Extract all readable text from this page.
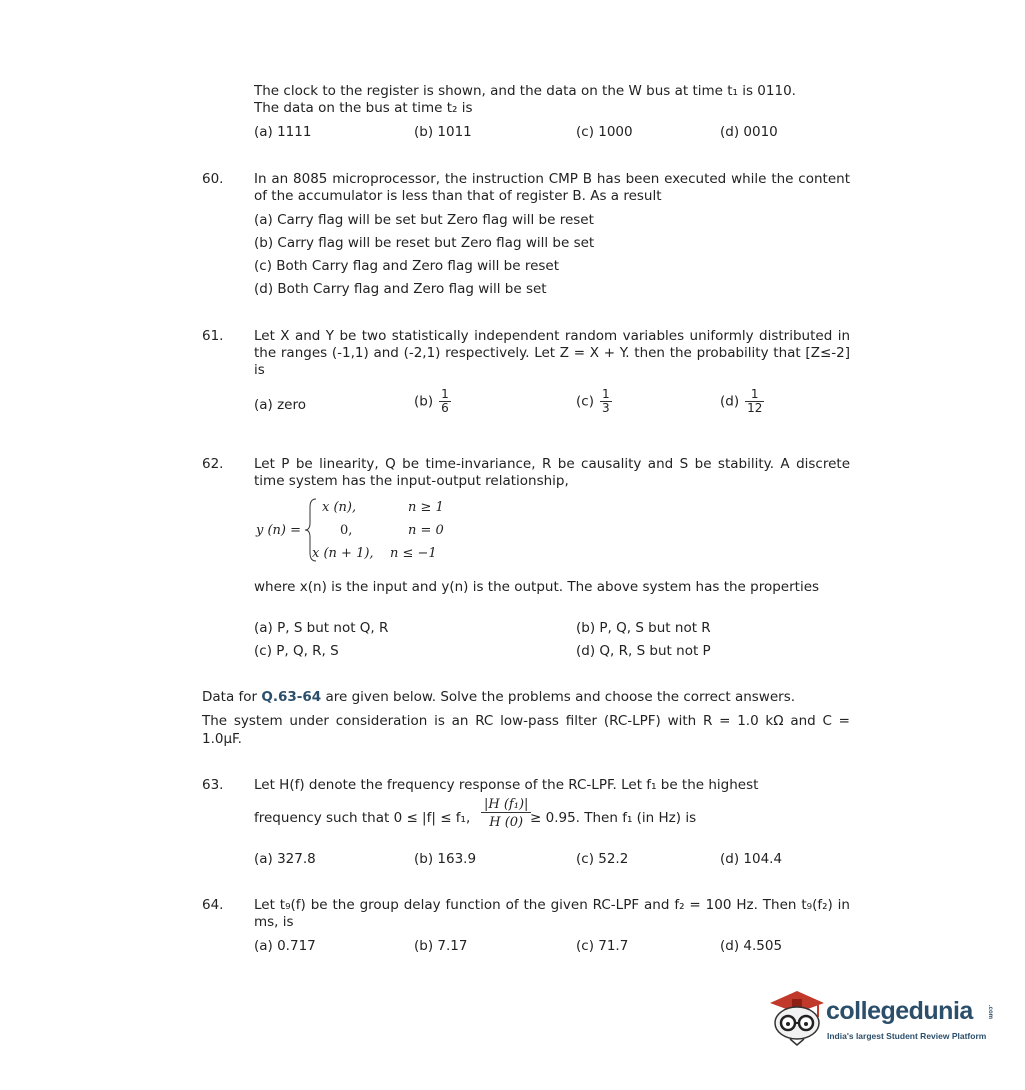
The clock to the register is shown, and the data on the W bus at time t₁ is 0110.
The data on the bus at time t₂ is
(a) 1111	(b) 1011	(c) 1000	(d) 0010
60. In an 8085 microprocessor, the instruction CMP B has been executed while the content of the accumulator is less than that of register B. As a result
(a) Carry flag will be set but Zero flag will be reset
(b) Carry flag will be reset but Zero flag will be set
(c) Both Carry flag and Zero flag will be reset
(d) Both Carry flag and Zero flag will be set
61. Let X and Y be two statistically independent random variables uniformly distributed in the ranges (-1,1) and (-2,1) respectively. Let Z = X + Y. then the probability that [Z≤-2] is
(a) zero	$(b) \frac{1}{6}$	$(c) \frac{1}{3}$	$(d) \frac{1}{12}$
62. Let P be linearity, Q be time-invariance, R be causality and S be stability. A discrete time system has the input-output relationship,
y (n) =
x (n),	n ≥ 1
0,	n = 0
x (n + 1), n ≤ −1
where x(n) is the input and y(n) is the output. The above system has the properties
(a) P, S but not Q, R	(b) P, Q, S but not R
(c) P, Q, R, S	(d) Q, R, S but not P
Data for Q.63-64 are given below. Solve the problems and choose the correct answers.
The system under consideration is an RC low-pass filter (RC-LPF) with R = 1.0 kΩ and C = 1.0μF.
63. Let H(f) denote the frequency response of the RC-LPF. Let f₁ be the highest
frequency such that 0 ≤ |f| ≤ f₁, $\frac{\text{|H (f₁)|}}{H (0)}$
≥ 0.95. Then f₁ (in Hz) is
(a) 327.8	(b) 163.9	(c) 52.2	(d) 104.4
64. Let t₉(f) be the group delay function of the given RC-LPF and f₂ = 100 Hz. Then t₉(f₂) in ms, is
(a) 0.717	(b) 7.17	(c) 71.7	(d) 4.505
collegedunia .com
India's largest Student Review Platform
